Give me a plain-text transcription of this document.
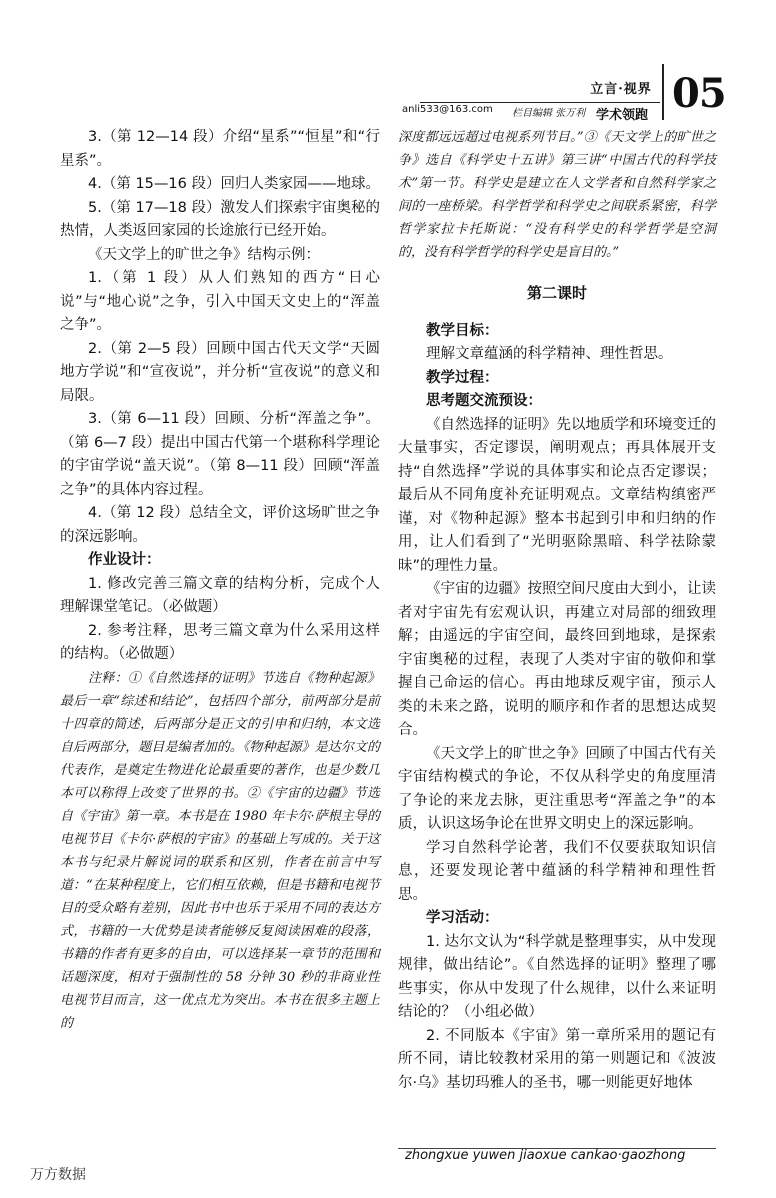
立言·视界
anli533@163.com 栏目编辑 张万利 学术领跑 05
3.（第 12—14 段）介绍“星系”“恒星”和“行星系”。
4.（第 15—16 段）回归人类家园——地球。
5.（第 17—18 段）激发人们探索宇宙奥秘的热情，人类返回家园的长途旅行已经开始。
《天文学上的旷世之争》结构示例：
1.（第 1 段）从人们熟知的西方“日心说”与“地心说”之争，引入中国天文史上的“浑盖之争”。
2.（第 2—5 段）回顾中国古代天文学“天圆地方学说”和“宣夜说”，并分析“宣夜说”的意义和局限。
3.（第 6—11 段）回顾、分析“浑盖之争”。（第 6—7 段）提出中国古代第一个堪称科学理论的宇宙学说“盖天说”。（第 8—11 段）回顾“浑盖之争”的具体内容过程。
4.（第 12 段）总结全文，评价这场旷世之争的深远影响。
作业设计：
1. 修改完善三篇文章的结构分析，完成个人理解课堂笔记。（必做题）
2. 参考注释，思考三篇文章为什么采用这样的结构。（必做题）
注释：①《自然选择的证明》节选自《物种起源》最后一章“综述和结论”，包括四个部分，前两部分是前十四章的简述，后两部分是正文的引申和归纳，本文选自后两部分，题目是编者加的。《物种起源》是达尔文的代表作，是奠定生物进化论最重要的著作，也是少数几本可以称得上改变了世界的书。②《宇宙的边疆》节选自《宇宙》第一章。本书是在 1980 年卡尔·萨根主导的电视节目《卡尔·萨根的宇宙》的基础上写成的。关于这本书与纪录片解说词的联系和区别，作者在前言中写道：“在某种程度上，它们相互依赖，但是书籍和电视节目的受众略有差别，因此书中也乐于采用不同的表达方式，书籍的一大优势是读者能够反复阅读困难的段落，书籍的作者有更多的自由，可以选择某一章节的范围和话题深度，相对于强制性的 58 分钟 30 秒的非商业性电视节目而言，这一优点尤为突出。本书在很多主题上的
深度都远远超过电视系列节目。”③《天文学上的旷世之争》选自《科学史十五讲》第三讲“中国古代的科学技术”第一节。科学史是建立在人文学者和自然科学家之间的一座桥梁。科学哲学和科学史之间联系紧密，科学哲学家拉卡托斯说：“没有科学史的科学哲学是空洞的，没有科学哲学的科学史是盲目的。”
第二课时
教学目标：
理解文章蕴涵的科学精神、理性哲思。
教学过程：
思考题交流预设：
《自然选择的证明》先以地质学和环境变迁的大量事实，否定谬误，阐明观点；再具体展开支持“自然选择”学说的具体事实和论点否定谬误；最后从不同角度补充证明观点。文章结构缜密严谨，对《物种起源》整本书起到引申和归纳的作用，让人们看到了“光明驱除黑暗、科学祛除蒙昧”的理性力量。
《宇宙的边疆》按照空间尺度由大到小，让读者对宇宙先有宏观认识，再建立对局部的细致理解；由遥远的宇宙空间，最终回到地球，是探索宇宙奥秘的过程，表现了人类对宇宙的敬仰和掌握自己命运的信心。再由地球反观宇宙，预示人类的未来之路，说明的顺序和作者的思想达成契合。
《天文学上的旷世之争》回顾了中国古代有关宇宙结构模式的争论，不仅从科学史的角度厘清了争论的来龙去脉，更注重思考“浑盖之争”的本质，认识这场争论在世界文明史上的深远影响。
学习自然科学论著，我们不仅要获取知识信息，还要发现论著中蕴涵的科学精神和理性哲思。
学习活动：
1. 达尔文认为“科学就是整理事实，从中发现规律，做出结论”。《自然选择的证明》整理了哪些事实，你从中发现了什么规律，以什么来证明结论的？（小组必做）
2. 不同版本《宇宙》第一章所采用的题记有所不同，请比较教材采用的第一则题记和《波波尔·乌》基切玛雅人的圣书，哪一则能更好地体
zhongxue yuwen jiaoxue cankao·gaozhong
万方数据
